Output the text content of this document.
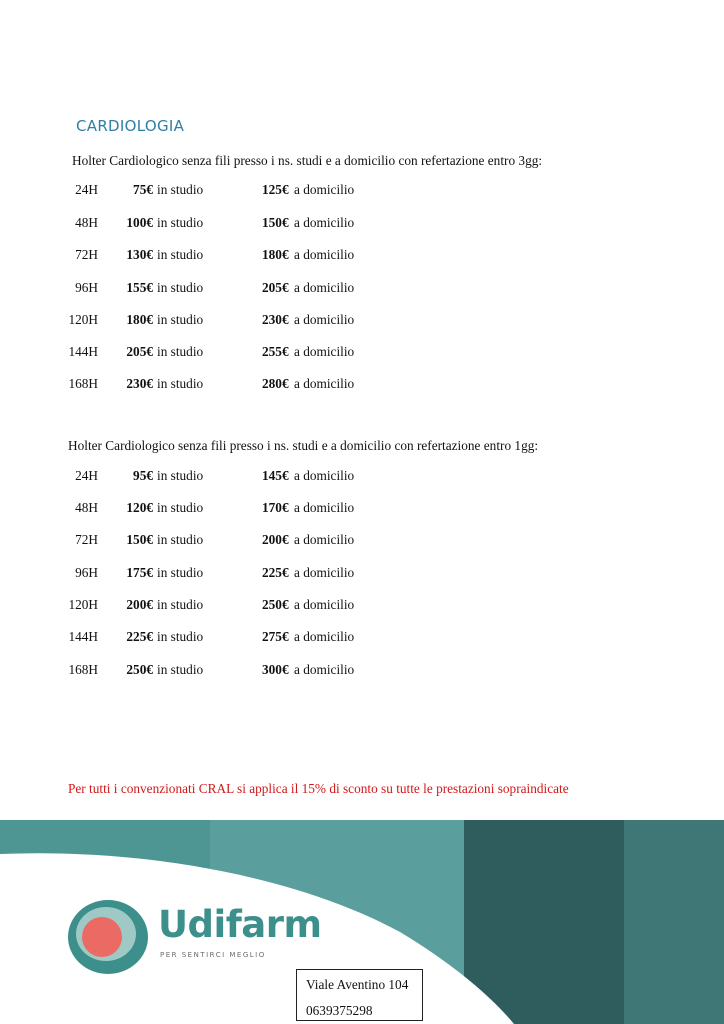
CARDIOLOGIA
Holter Cardiologico senza fili presso i ns. studi e a domicilio con refertazione entro 3gg:
24H	75€ in studio	125€ a domicilio
48H 100€ in studio	150€ a domicilio
72H 130€ in studio	180€ a domicilio
96H 155€ in studio	205€ a domicilio
120H 180€ in studio	230€ a domicilio
144H 205€ in studio	255€ a domicilio
168H 230€ in studio	280€ a domicilio
Holter Cardiologico senza fili presso i ns. studi e a domicilio con refertazione entro 1gg:
24H	95€ in studio	145€ a domicilio
48H 120€ in studio	170€ a domicilio
72H 150€ in studio	200€ a domicilio
96H 175€ in studio	225€ a domicilio
120H 200€ in studio	250€ a domicilio
144H 225€ in studio	275€ a domicilio
168H 250€ in studio	300€ a domicilio
Per tutti i convenzionati CRAL si applica il 15% di sconto su tutte le prestazioni sopraindicate
Udifarm
PER SENTIRCI MEGLIO
Viale Aventino 104
0639375298
